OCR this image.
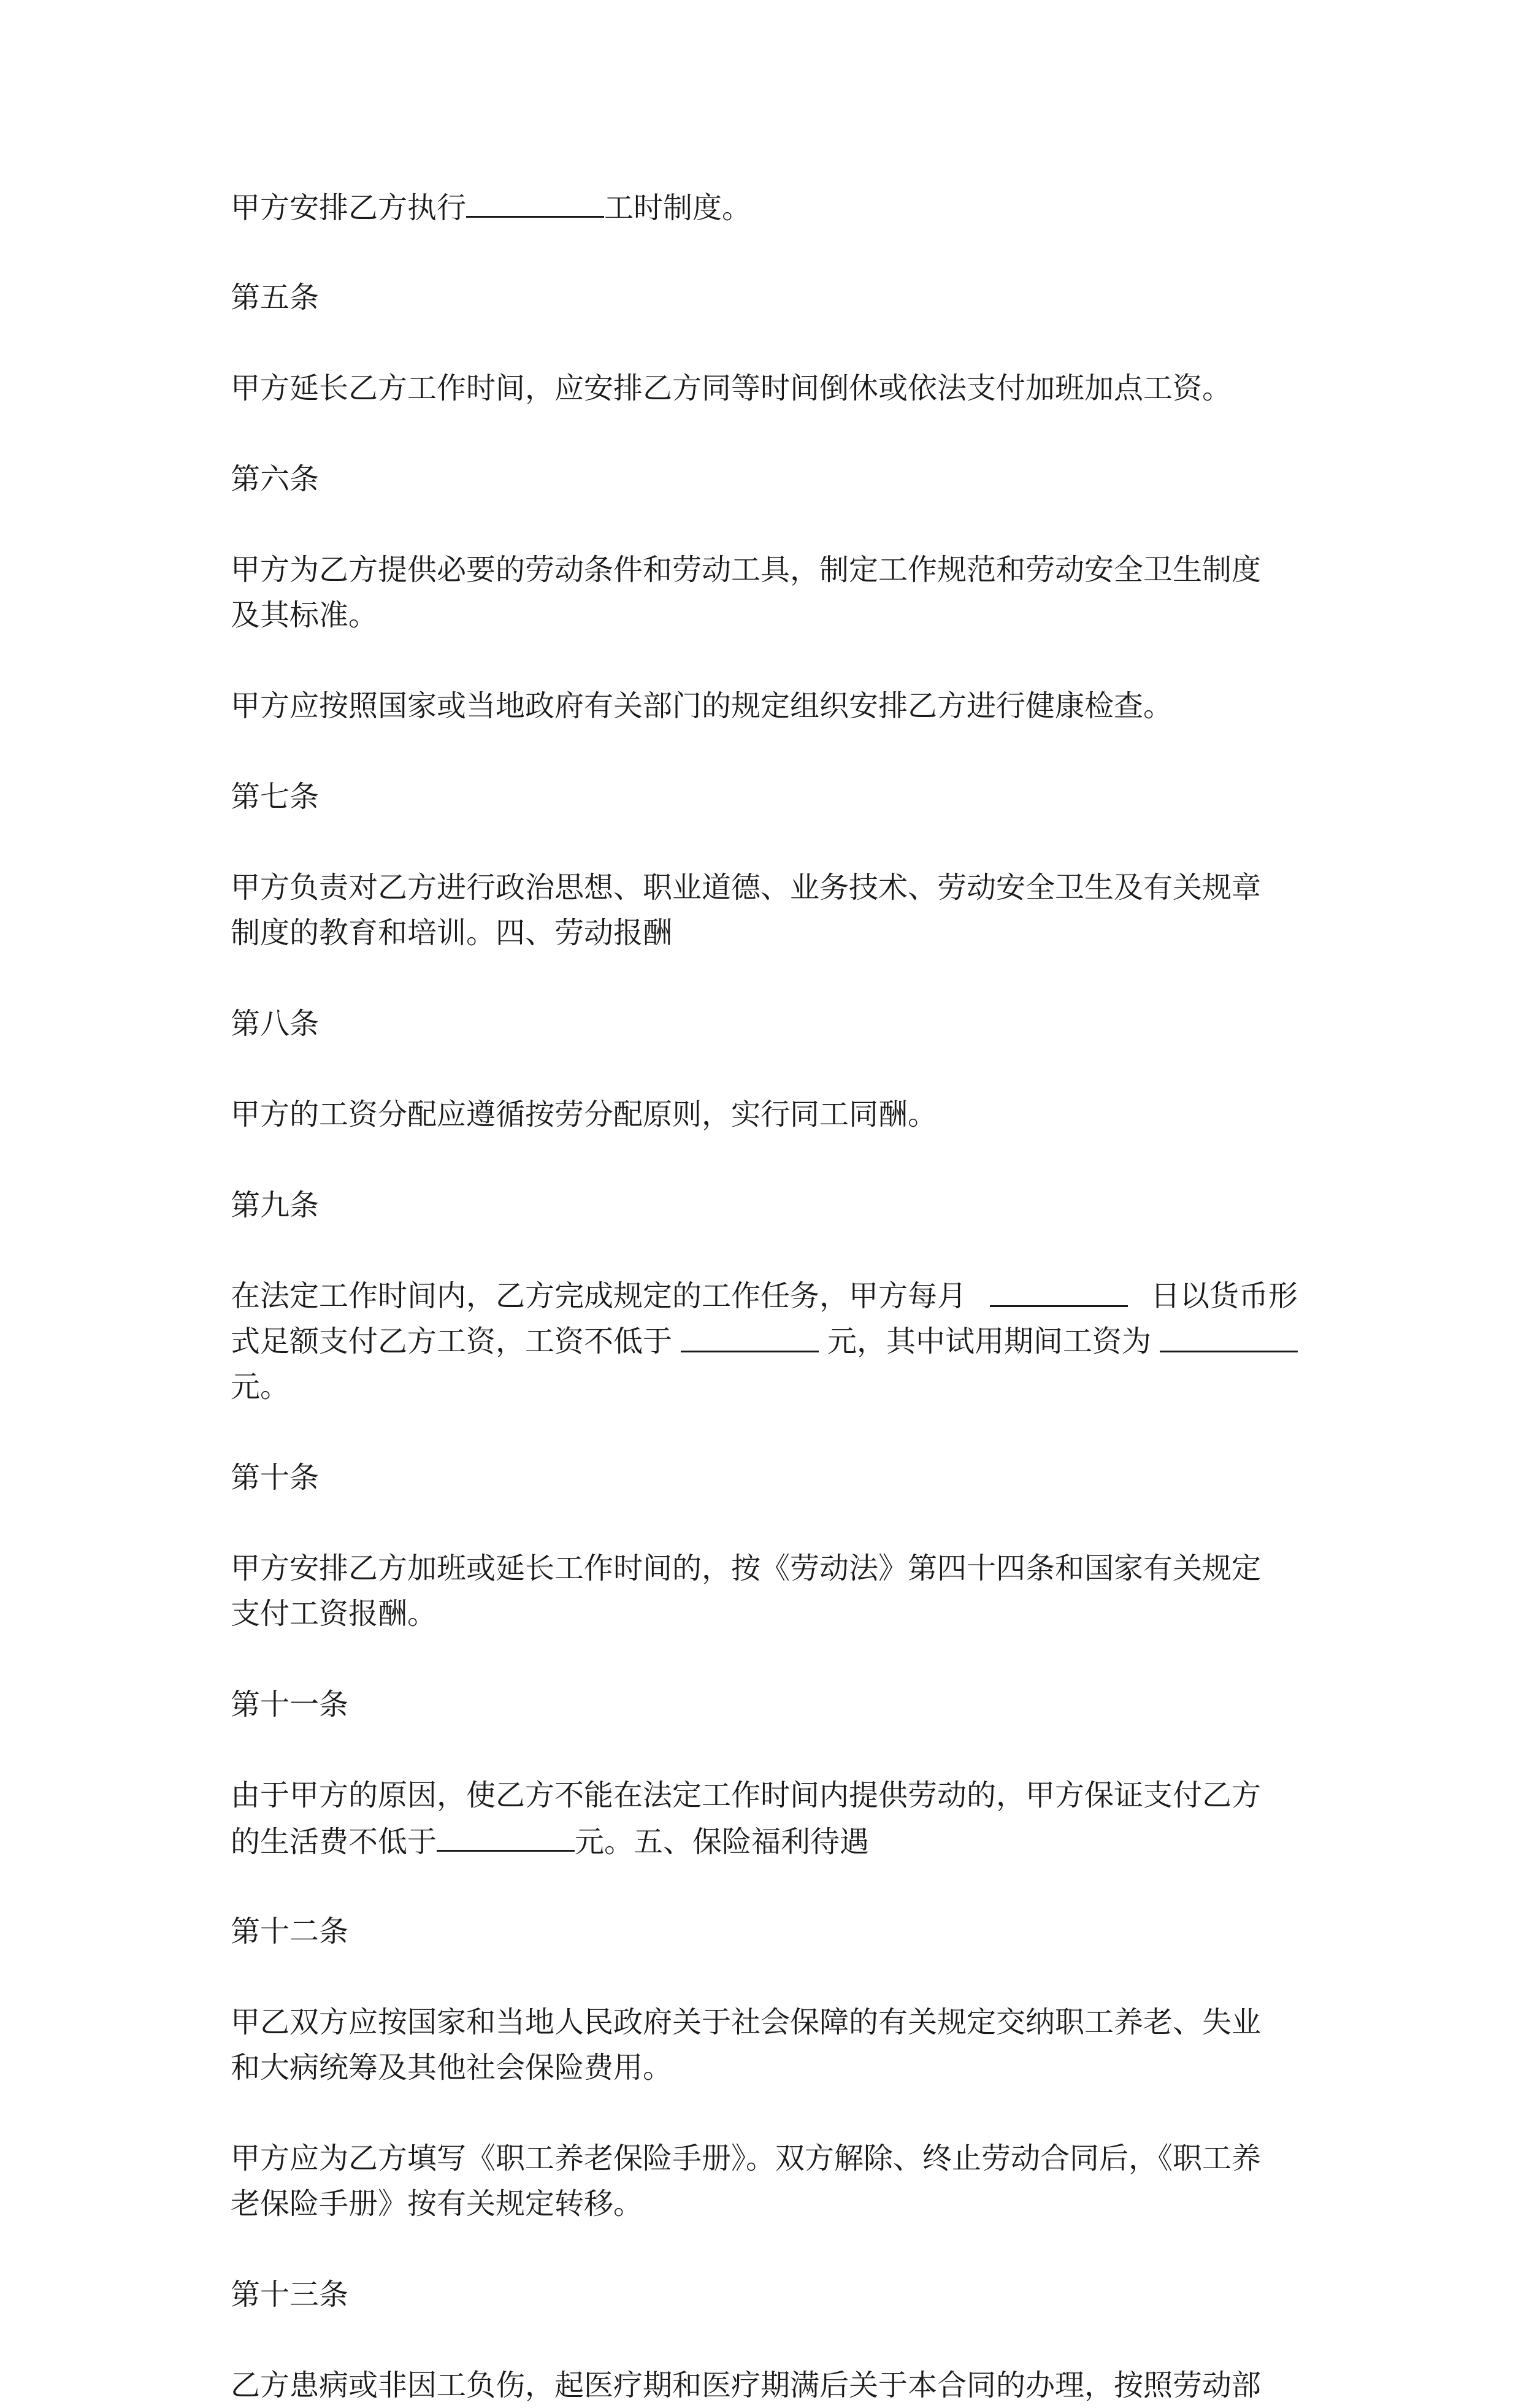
甲方安排乙方执行	工时制度。

第五条

甲方延长乙方工作时间，应安排乙方同等时间倒休或依法支付加班加点工资。

第六条

甲方为乙方提供必要的劳动条件和劳动工具，制定工作规范和劳动安全卫生制度

及其标准。

甲方应按照国家或当地政府有关部门的规定组织安排乙方进行健康检查。

第七条

甲方负责对乙方进行政治思想、职业道德、业务技术、劳动安全卫生及有关规章

制度的教育和培训。四、劳动报酬

第八条

甲方的工资分配应遵循按劳分配原则，实行同工同酬。

第九条

在法定工作时间内，乙方完成规定的工作任务，甲方每月	日以货币形

式足额支付乙方工资，工资不低于	元，其中试用期间工资为

元。

第十条

甲方安排乙方加班或延长工作时间的，按《劳动法》第四十四条和国家有关规定

支付工资报酬。

第十一条

由于甲方的原因，使乙方不能在法定工作时间内提供劳动的，甲方保证支付乙方

的生活费不低于	元。五、保险福利待遇

第十二条

甲乙双方应按国家和当地人民政府关于社会保障的有关规定交纳职工养老、失业

和大病统筹及其他社会保险费用。

甲方应为乙方填写《职工养老保险手册》。双方解除、终止劳动合同后，《职工养

老保险手册》按有关规定转移。

第十三条

乙方患病或非因工负伤，起医疗期和医疗期满后关于本合同的办理，按照劳动部
